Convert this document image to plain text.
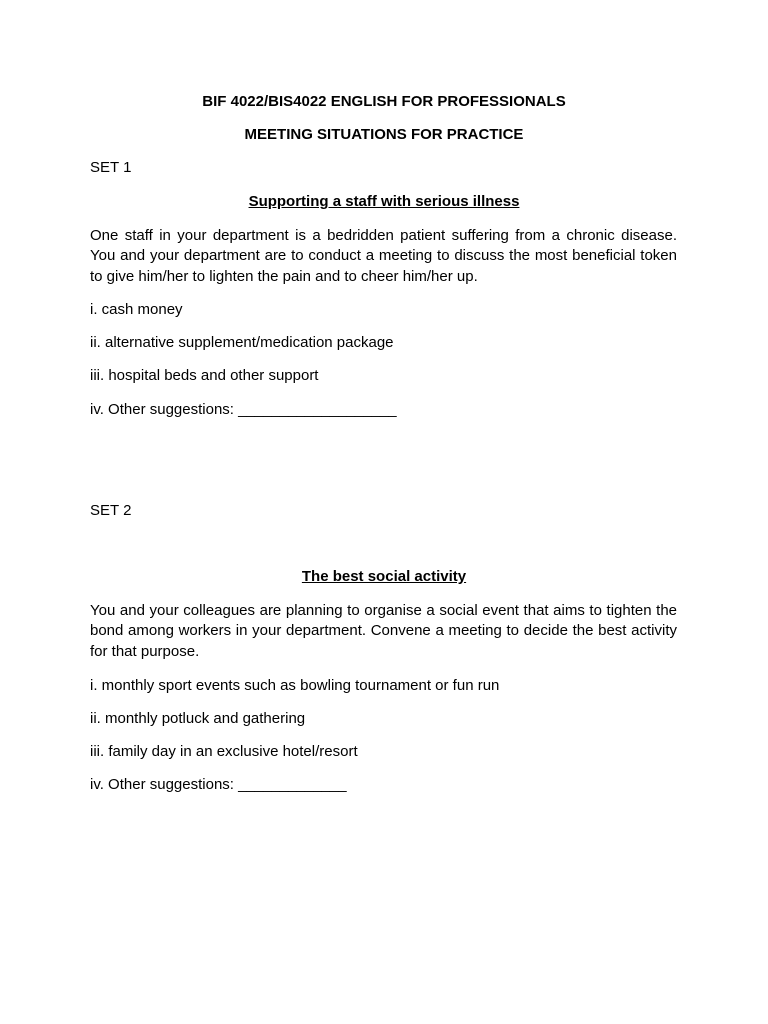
BIF 4022/BIS4022 ENGLISH FOR PROFESSIONALS
MEETING SITUATIONS FOR PRACTICE
SET 1
Supporting a staff with serious illness
One staff in your department is a bedridden patient suffering from a chronic disease. You and your department are to conduct a meeting to discuss the most beneficial token to give him/her to lighten the pain and to cheer him/her up.
i. cash money
ii. alternative supplement/medication package
iii. hospital beds and other support
iv. Other suggestions: ___________________
SET 2
The best social activity
You and your colleagues are planning to organise a social event that aims to tighten the bond among workers in your department. Convene a meeting to decide the best activity for that purpose.
i. monthly sport events such as bowling tournament or fun run
ii. monthly potluck and gathering
iii. family day in an exclusive hotel/resort
iv. Other suggestions: _____________
